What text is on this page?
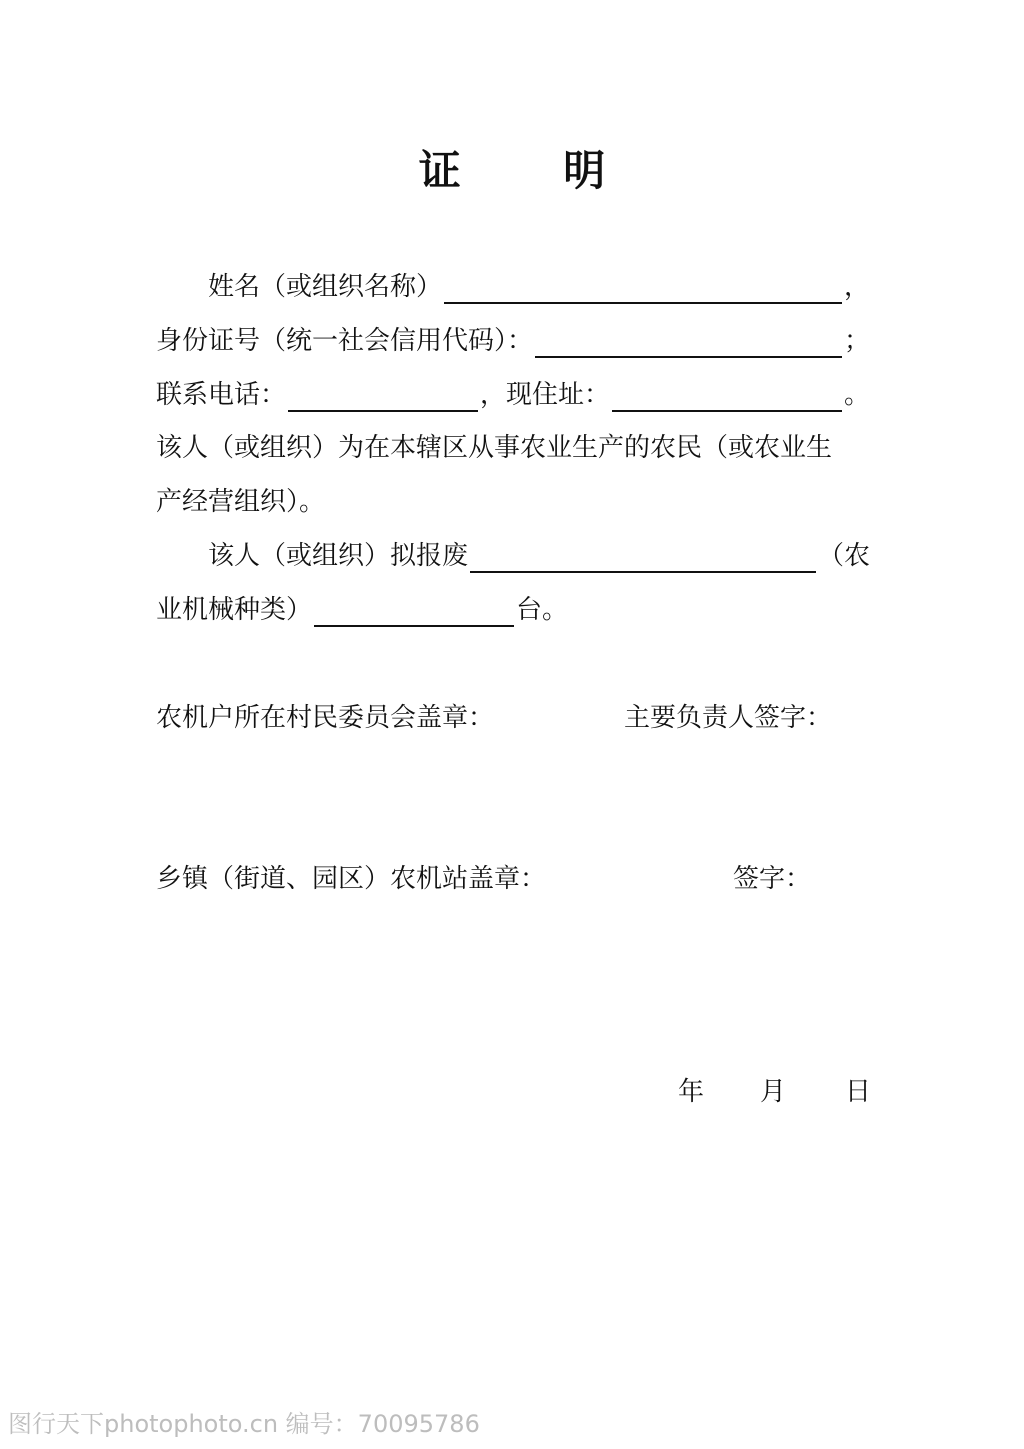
证 明
姓名（或组织名称）	，
身份证号（统一社会信用代码）：	；
联系电话：	，现住址：	。
该人（或组织）为在本辖区从事农业生产的农民（或农业生
产经营组织）。
该人（或组织）拟报废	（农
业机械种类）	台。
农机户所在村民委员会盖章：	主要负责人签字：
乡镇（街道、园区）农机站盖章：	签字：
年 月 日
图行天下photophoto.cn 编号：70095786
